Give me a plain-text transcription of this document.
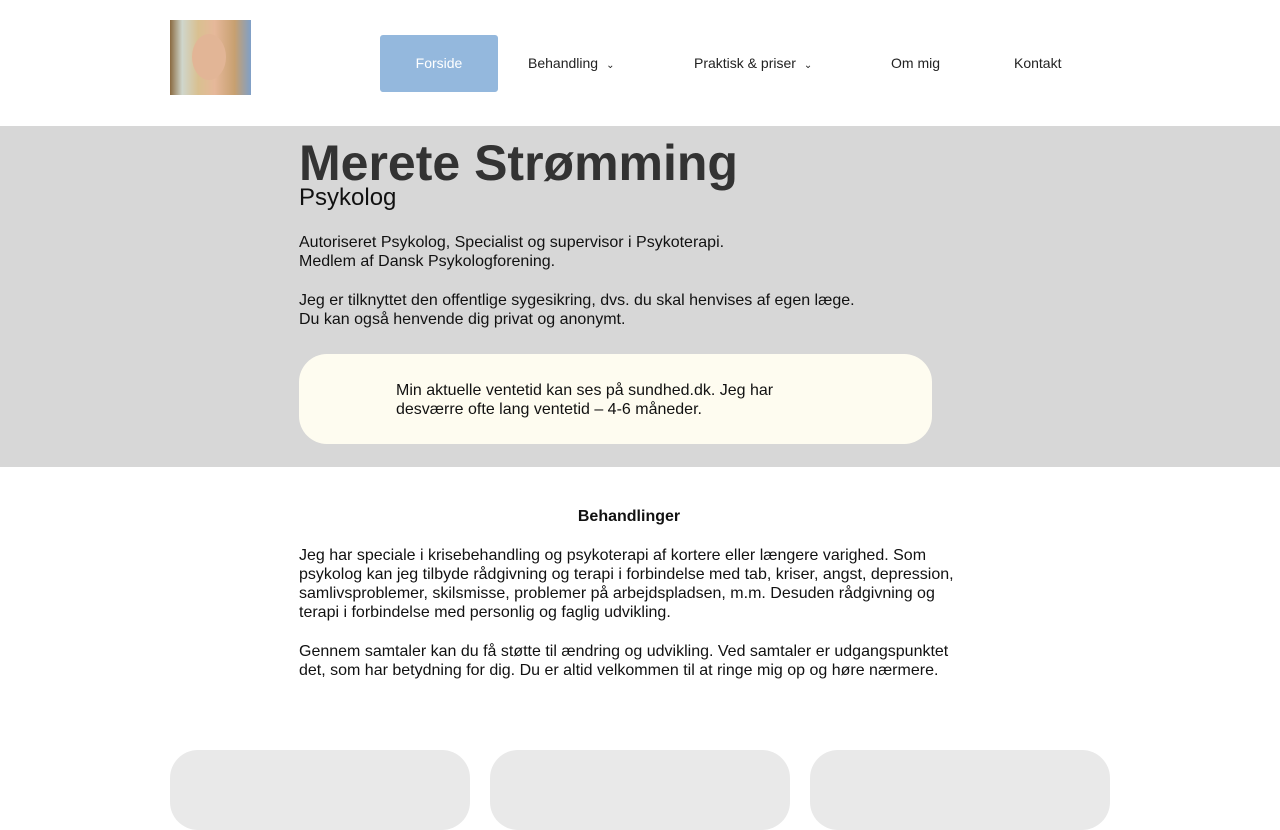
Forside	Behandling ⌄	Praktisk & priser ⌄	Om mig	Kontakt
Merete Strømming
Psykolog
Autoriseret Psykolog, Specialist og supervisor i Psykoterapi.
Medlem af Dansk Psykologforening.
Jeg er tilknyttet den offentlige sygesikring, dvs. du skal henvises af egen læge.
Du kan også henvende dig privat og anonymt.

Min aktuelle ventetid kan ses på sundhed.dk. Jeg har desværre ofte lang ventetid – 4-6 måneder.

Behandlinger

Jeg har speciale i krisebehandling og psykoterapi af kortere eller længere varighed. Som psykolog kan jeg tilbyde rådgivning og terapi i forbindelse med tab, kriser, angst, depression, samlivsproblemer, skilsmisse, problemer på arbejdspladsen, m.m. Desuden rådgivning og terapi i forbindelse med personlig og faglig udvikling.

Gennem samtaler kan du få støtte til ændring og udvikling. Ved samtaler er udgangspunktet det, som har betydning for dig. Du er altid velkommen til at ringe mig op og høre nærmere.
